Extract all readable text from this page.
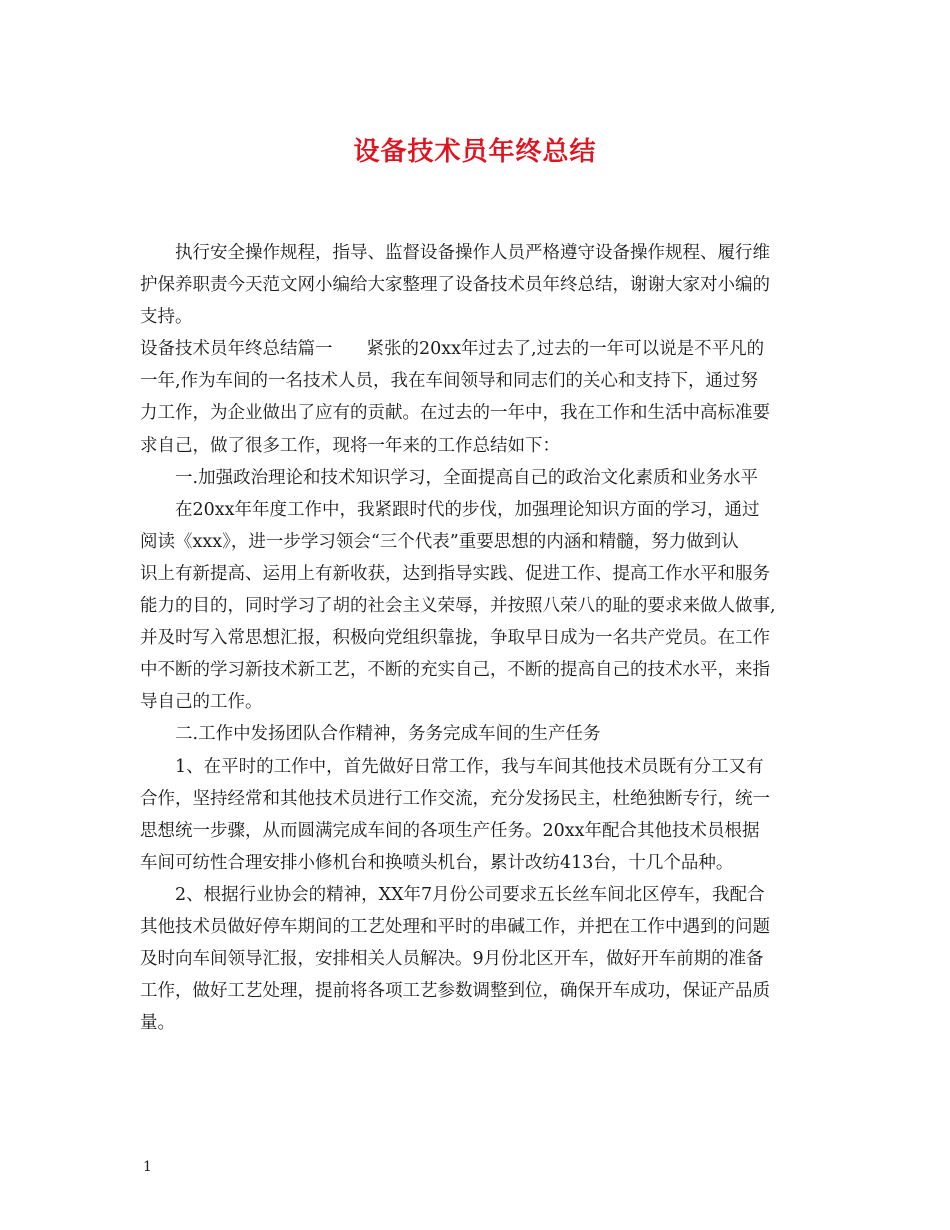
设备技术员年终总结
执行安全操作规程，指导、监督设备操作人员严格遵守设备操作规程、履行维
护保养职责今天范文网小编给大家整理了设备技术员年终总结，谢谢大家对小编的
支持。
设备技术员年终总结篇一 紧张的20xx年过去了,过去的一年可以说是不平凡的
一年,作为车间的一名技术人员，我在车间领导和同志们的关心和支持下，通过努
力工作，为企业做出了应有的贡献。在过去的一年中，我在工作和生活中高标准要
求自己，做了很多工作，现将一年来的工作总结如下：
一.加强政治理论和技术知识学习，全面提高自己的政治文化素质和业务水平
在20xx年年度工作中，我紧跟时代的步伐，加强理论知识方面的学习，通过
阅读《xxx》，进一步学习领会“三个代表”重要思想的内涵和精髓，努力做到认
识上有新提高、运用上有新收获，达到指导实践、促进工作、提高工作水平和服务
能力的目的，同时学习了胡的社会主义荣辱，并按照八荣八的耻的要求来做人做事,
并及时写入常思想汇报，积极向党组织靠拢，争取早日成为一名共产党员。在工作
中不断的学习新技术新工艺，不断的充实自己，不断的提高自己的技术水平，来指
导自己的工作。
二.工作中发扬团队合作精神，务务完成车间的生产任务
1、在平时的工作中，首先做好日常工作，我与车间其他技术员既有分工又有
合作，坚持经常和其他技术员进行工作交流，充分发扬民主，杜绝独断专行，统一
思想统一步骤，从而圆满完成车间的各项生产任务。20xx年配合其他技术员根据
车间可纺性合理安排小修机台和换喷头机台，累计改纺413台，十几个品种。
2、根据行业协会的精神，XX年7月份公司要求五长丝车间北区停车，我配合
其他技术员做好停车期间的工艺处理和平时的串碱工作，并把在工作中遇到的问题
及时向车间领导汇报，安排相关人员解决。9月份北区开车，做好开车前期的准备
工作，做好工艺处理，提前将各项工艺参数调整到位，确保开车成功，保证产品质
量。
1
